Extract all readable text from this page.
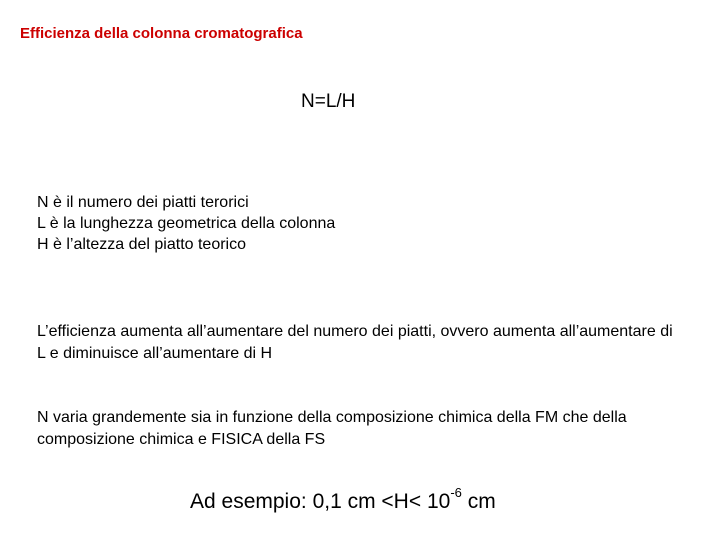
Efficienza della colonna cromatografica
N=L/H
N è il numero dei piatti terorici
L è la lunghezza geometrica della colonna
H è l’altezza del piatto teorico
L’efficienza aumenta all’aumentare del numero dei piatti, ovvero aumenta all’aumentare di L e diminuisce all’aumentare di H
N varia grandemente sia in funzione della composizione chimica della FM che della composizione chimica e FISICA della FS
Ad esempio: 0,1 cm $<H< 10^{-6}$ cm
